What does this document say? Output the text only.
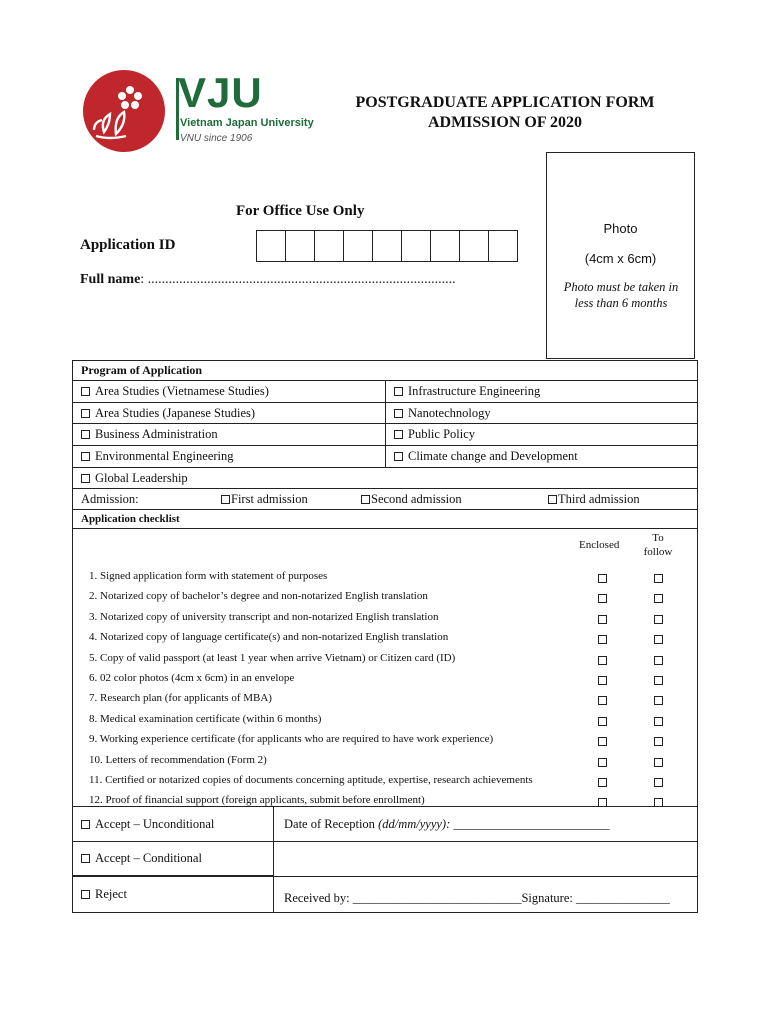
VJU
Vietnam Japan University
VNU since 1906
POSTGRADUATE APPLICATION FORM
ADMISSION OF 2020
Photo
(4cm x 6cm)
Photo must be taken in less than 6 months
For Office Use Only
Application ID
Full name: ........................................................................................
Program of Application
Area Studies (Vietnamese Studies)	Infrastructure Engineering
Area Studies (Japanese Studies)	Nanotechnology
Business Administration	Public Policy
Environmental Engineering	Climate change and Development
Global Leadership
Admission:	First admission	Second admission	Third admission
Application checklist
Enclosed
To
follow
1. Signed application form with statement of purposes
2. Notarized copy of bachelor’s degree and non-notarized English translation
3. Notarized copy of university transcript and non-notarized English translation
4. Notarized copy of language certificate(s) and non-notarized English translation
5. Copy of valid passport (at least 1 year when arrive Vietnam) or Citizen card (ID)
6. 02 color photos (4cm x 6cm) in an envelope
7. Research plan (for applicants of MBA)
8. Medical examination certificate (within 6 months)
9. Working experience certificate (for applicants who are required to have work experience)
10. Letters of recommendation (Form 2)
11. Certified or notarized copies of documents concerning aptitude, expertise, research achievements
12. Proof of financial support (foreign applicants, submit before enrollment)
Accept – Unconditional	Date of Reception (dd/mm/yyyy): _________________________
Accept – Conditional
Reject	Received by: ___________________________ Signature: _______________
